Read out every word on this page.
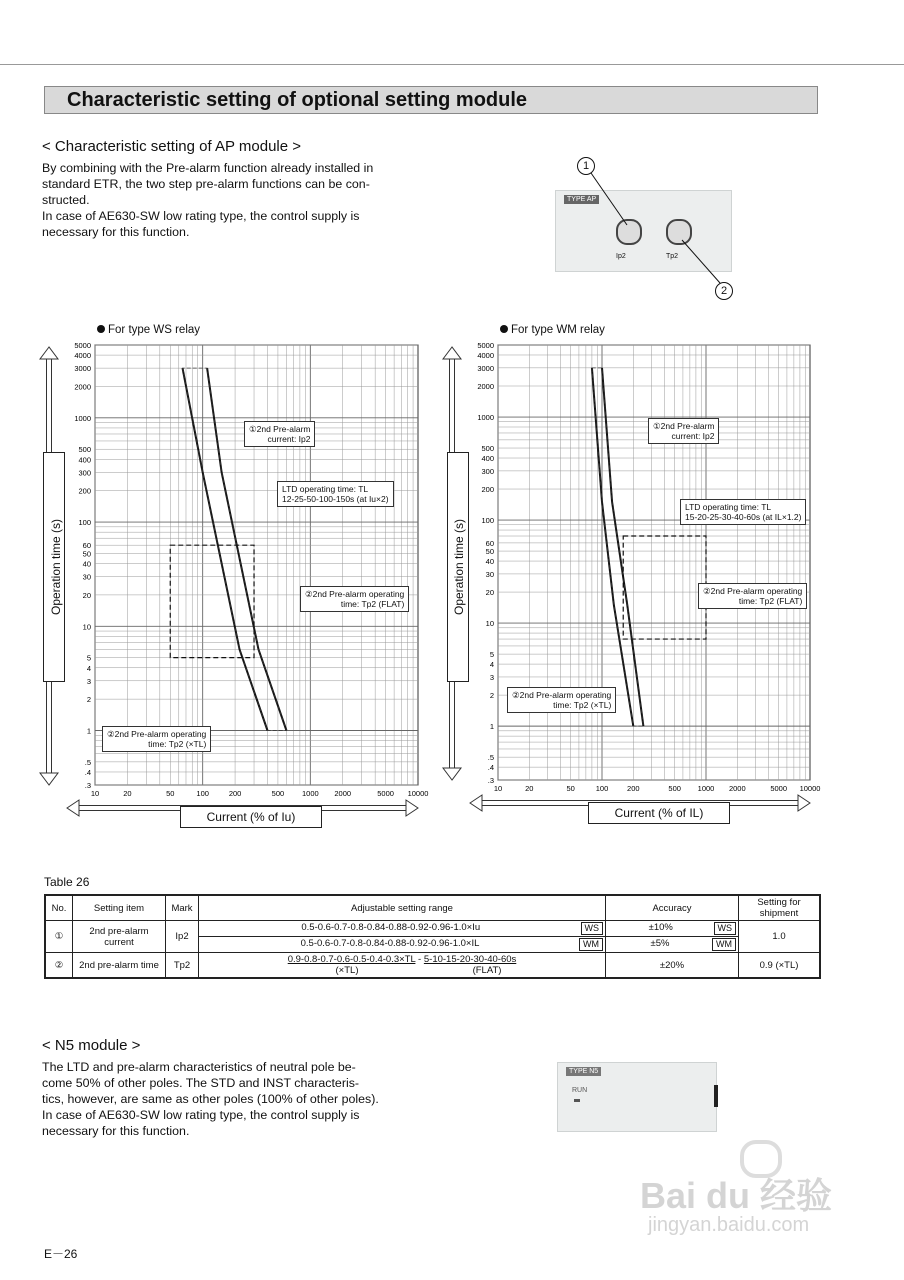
Characteristic setting of optional setting module
< Characteristic setting of AP module >
By combining with the Pre-alarm function already installed in
standard ETR, the two step pre-alarm functions can be con-
structed.
In case of AE630-SW low rating type, the control supply is
necessary for this function.
TYPE AP
Ip2	Tp2
1
2
For type WS relay
10	20	50	100	200	500 1000 2000	5000 10000
5000
4000
3000
2000
1000
500
400
300
200
100
60
50
40
30
20
10
5
4
3
2
1
.5
.4
.3
Operation time (s)
Current (% of Iu)
For type WM relay
10	20	50	100	200	500 1000 2000	5000 10000
5000
4000
3000
2000
1000
500
400
300
200
100
60
50
40
30
20
10
5
4
3
2
1
.5
.4
.3
Operation time (s)
Current (% of IL)
①2nd Pre-alarm
current: Ip2
LTD operating time: TL
12-25-50-100-150s (at Iu×2)
②2nd Pre-alarm operating
time: Tp2 (FLAT)
②2nd Pre-alarm operating
time: Tp2 (×TL)
①2nd Pre-alarm
current: Ip2
LTD operating time: TL
15-20-25-30-40-60s (at IL×1.2)
②2nd Pre-alarm operating
time: Tp2 (FLAT)
②2nd Pre-alarm operating
time: Tp2 (×TL)
Table 26
No.	Setting item	Mark	Adjustable setting range	Accuracy	Setting for shipment
①	2nd pre-alarm current	Ip2	0.5-0.6-0.7-0.8-0.84-0.88-0.92-0.96-1.0×Iu WS	±10% WS	1.0
			0.5-0.6-0.7-0.8-0.84-0.88-0.92-0.96-1.0×IL WM	±5% WM	

②	2nd pre-alarm time	Tp2	0.9-0.8-0.7-0.6-0.5-0.4-0.3×TL - 5-10-15-20-30-40-60s
(×TL) (FLAT)	±20%	0.9 (×TL)
< N5 module >
The LTD and pre-alarm characteristics of neutral pole be-
come 50% of other poles. The STD and INST characteris-
tics, however, are same as other poles (100% of other poles).
In case of AE630-SW low rating type, the control supply is
necessary for this function.
TYPE N5
RUN
Bai du 经验
jingyan.baidu.com
E－26
